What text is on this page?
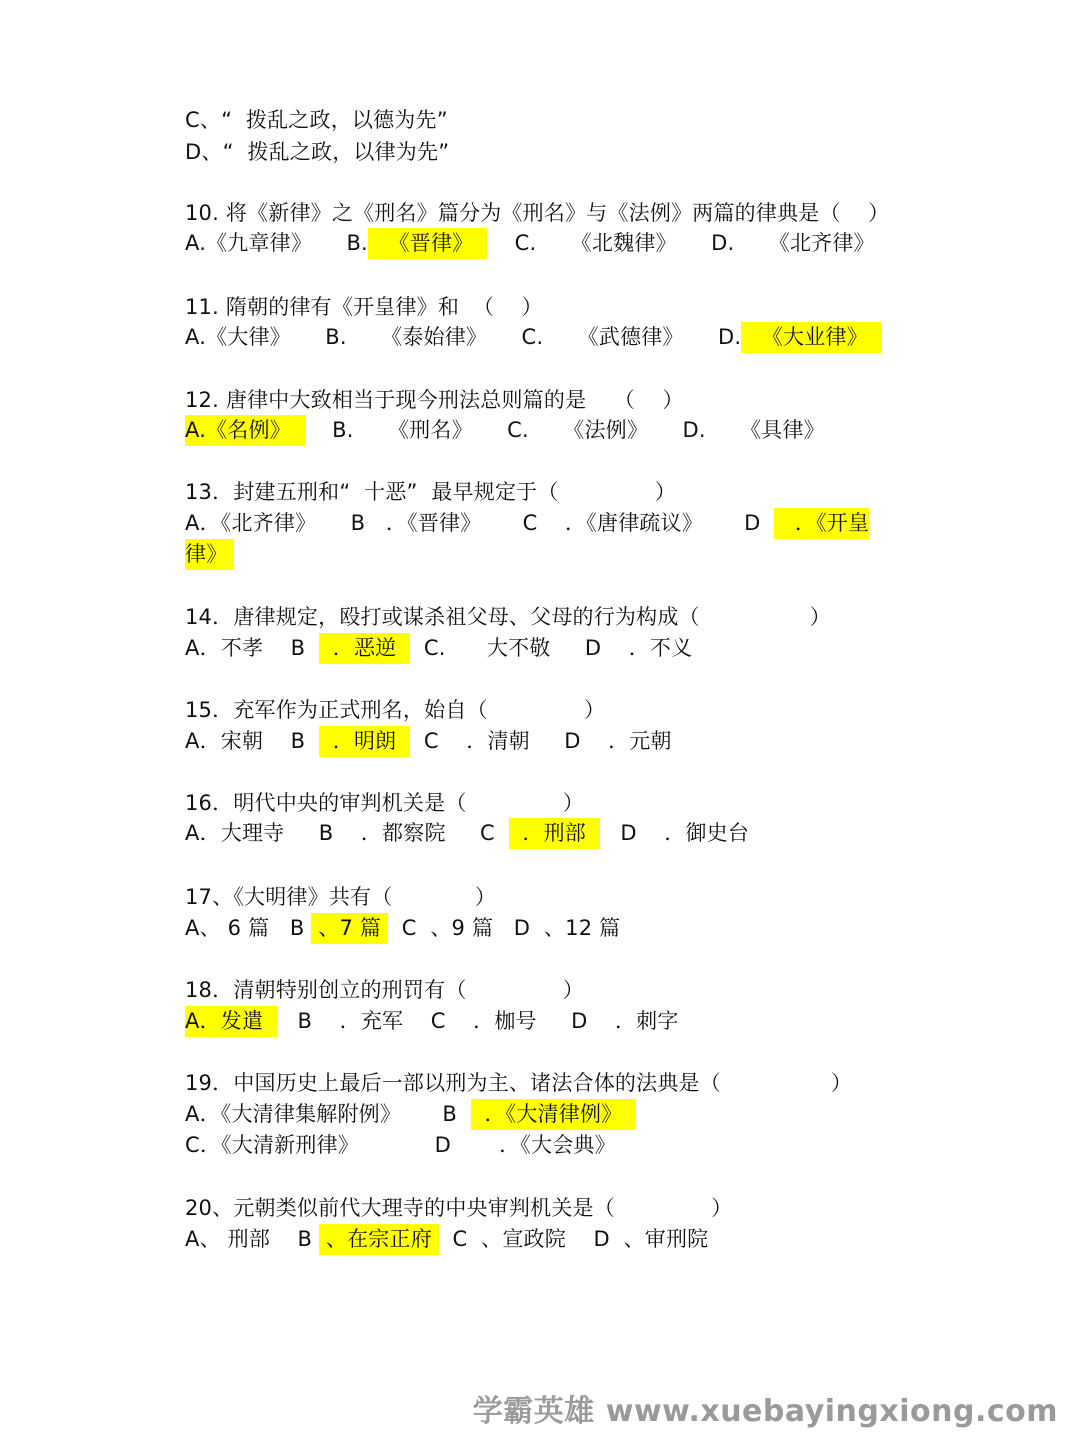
C、“  拨乱之政，以德为先”
D、“  拨乱之政，以律为先”
10. 将《新律》之《刑名》篇分为《刑名》与《法例》两篇的律典是（    ）
A.《九章律》     B.   《晋律》      C.     《北魏律》     D.     《北齐律》
11. 隋朝的律有《开皇律》和  （    ）
A.《大律》     B.     《泰始律》     C.     《武德律》     D.   《大业律》
12. 唐律中大致相当于现今刑法总则篇的是    （    ）
A.《名例》      B.     《刑名》     C.     《法例》     D.     《具律》
13．封建五刑和“  十恶”  最早规定于（              ）
A．《北齐律》     B   ．《晋律》      C    ．《唐律疏议》      D     ．《开皇
律》
14．唐律规定，殴打或谋杀祖父母、父母的行为构成（                ）
A．不孝    B    ．恶逆    C.      大不敬     D    ．不义
15．充军作为正式刑名，始自（              ）
A．宋朝    B    ．明朗    C    ．清朝     D    ．元朝
16．明代中央的审判机关是（              ）
A．大理寺     B    ．都察院     C    ．刑部     D    ．御史台
17、《大明律》共有（            ）
A、 6 篇   B  、7 篇   C  、9 篇   D  、12 篇
18．清朝特别创立的刑罚有（              ）
A．发遣     B    ．充军    C    ．枷号     D    ．刺字
19．中国历史上最后一部以刑为主、诸法合体的法典是（                ）
A．《大清律集解附例》      B    ．《大清律例》
C．《大清新刑律》           D       ．《大会典》
20、元朝类似前代大理寺的中央审判机关是（              ）
A、 刑部    B  、在宗正府   C  、宣政院    D  、审刑院
学霸英雄 www.xuebayingxiong.com
